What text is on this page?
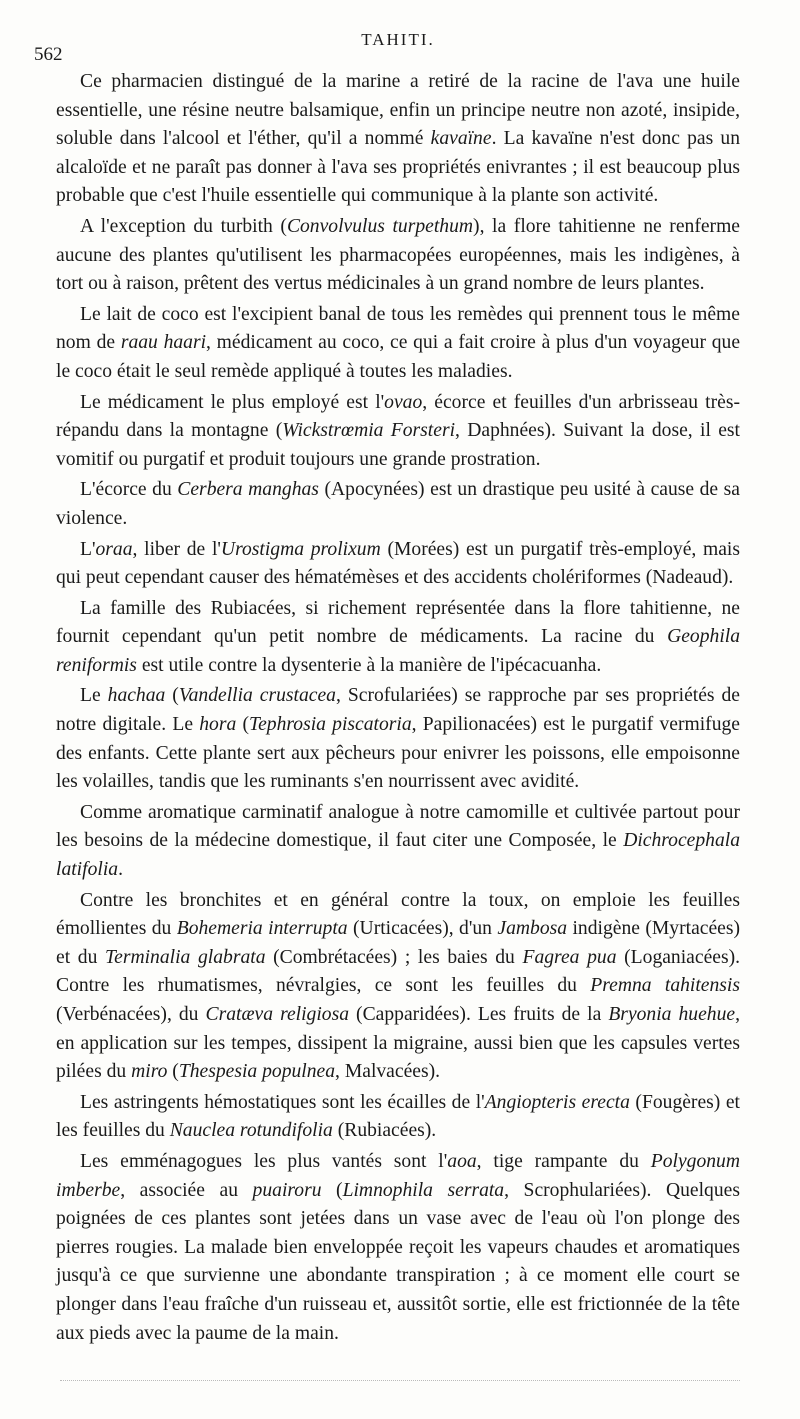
562
TAHITI.

Ce pharmacien distingué de la marine a retiré de la racine de l'ava une huile essentielle, une résine neutre balsamique, enfin un principe neutre non azoté, insipide, soluble dans l'alcool et l'éther, qu'il a nommé kavaïne. La kavaïne n'est donc pas un alcaloïde et ne paraît pas donner à l'ava ses propriétés enivrantes ; il est beaucoup plus probable que c'est l'huile essentielle qui communique à la plante son activité.

A l'exception du turbith (Convolvulus turpethum), la flore tahitienne ne renferme aucune des plantes qu'utilisent les pharmacopées européennes, mais les indigènes, à tort ou à raison, prêtent des vertus médicinales à un grand nombre de leurs plantes.

Le lait de coco est l'excipient banal de tous les remèdes qui prennent tous le même nom de raau haari, médicament au coco, ce qui a fait croire à plus d'un voyageur que le coco était le seul remède appliqué à toutes les maladies.

Le médicament le plus employé est l'ovao, écorce et feuilles d'un arbrisseau très-répandu dans la montagne (Wickstrœmia Forsteri, Daphnées). Suivant la dose, il est vomitif ou purgatif et produit toujours une grande prostration.

L'écorce du Cerbera manghas (Apocynées) est un drastique peu usité à cause de sa violence.

L'oraa, liber de l'Urostigma prolixum (Morées) est un purgatif très-employé, mais qui peut cependant causer des hématémèses et des accidents cholériformes (Nadeaud).

La famille des Rubiacées, si richement représentée dans la flore tahitienne, ne fournit cependant qu'un petit nombre de médicaments. La racine du Geophila reniformis est utile contre la dysenterie à la manière de l'ipécacuanha.

Le hachaa (Vandellia crustacea, Scrofulariées) se rapproche par ses propriétés de notre digitale. Le hora (Tephrosia piscatoria, Papilionacées) est le purgatif vermifuge des enfants. Cette plante sert aux pêcheurs pour enivrer les poissons, elle empoisonne les volailles, tandis que les ruminants s'en nourrissent avec avidité.

Comme aromatique carminatif analogue à notre camomille et cultivée partout pour les besoins de la médecine domestique, il faut citer une Composée, le Dichrocephala latifolia.

Contre les bronchites et en général contre la toux, on emploie les feuilles émollientes du Bohemeria interrupta (Urticacées), d'un Jambosa indigène (Myrtacées) et du Terminalia glabrata (Combrétacées) ; les baies du Fagrea pua (Loganiacées). Contre les rhumatismes, névralgies, ce sont les feuilles du Premna tahitensis (Verbénacées), du Cratæva religiosa (Capparidées). Les fruits de la Bryonia huehue, en application sur les tempes, dissipent la migraine, aussi bien que les capsules vertes pilées du miro (Thespesia populnea, Malvacées).

Les astringents hémostatiques sont les écailles de l'Angiopteris erecta (Fougères) et les feuilles du Nauclea rotundifolia (Rubiacées).

Les emménagogues les plus vantés sont l'aoa, tige rampante du Polygonum imberbe, associée au puairoru (Limnophila serrata, Scrophulariées). Quelques poignées de ces plantes sont jetées dans un vase avec de l'eau où l'on plonge des pierres rougies. La malade bien enveloppée reçoit les vapeurs chaudes et aromatiques jusqu'à ce que survienne une abondante transpiration ; à ce moment elle court se plonger dans l'eau fraîche d'un ruisseau et, aussitôt sortie, elle est frictionnée de la tête aux pieds avec la paume de la main.
